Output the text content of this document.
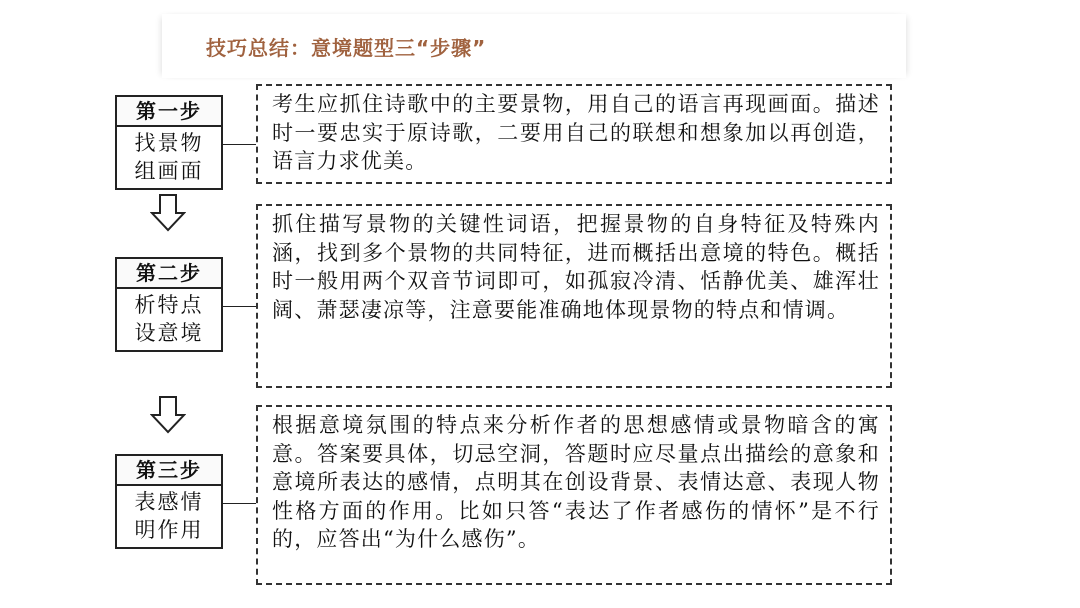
技巧总结：意境题型三“步骤”
第一步
找景物
组画面
考生应抓住诗歌中的主要景物，用自己的语言再现画面。描述时一要忠实于原诗歌，二要用自己的联想和想象加以再创造，语言力求优美。
第二步
析特点
设意境
抓住描写景物的关键性词语，把握景物的自身特征及特殊内涵，找到多个景物的共同特征，进而概括出意境的特色。概括时一般用两个双音节词即可，如孤寂冷清、恬静优美、雄浑壮阔、萧瑟凄凉等，注意要能准确地体现景物的特点和情调。
第三步
表感情
明作用
根据意境氛围的特点来分析作者的思想感情或景物暗含的寓意。答案要具体，切忌空洞，答题时应尽量点出描绘的意象和意境所表达的感情，点明其在创设背景、表情达意、表现人物性格方面的作用。比如只答“表达了作者感伤的情怀”是不行的，应答出“为什么感伤”。
